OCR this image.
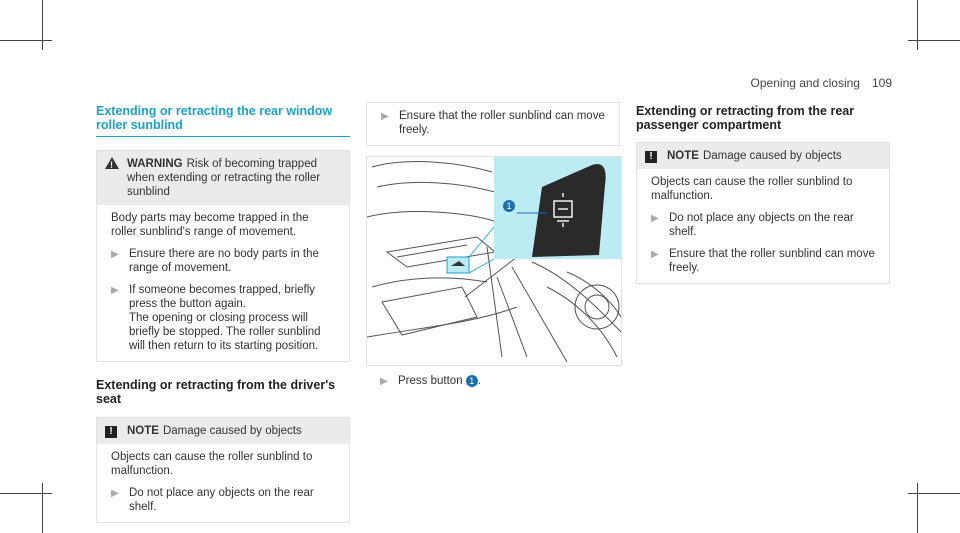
Opening and closing 109
Extending or retracting the rear window roller sunblind
! WARNING Risk of becoming trapped when extending or retracting the roller sunblind
Body parts may become trapped in the roller sunblind's range of movement.
▶ Ensure there are no body parts in the range of movement.
▶ If someone becomes trapped, briefly press the button again.
The opening or closing process will briefly be stopped. The roller sunblind will then return to its starting position.
Extending or retracting from the driver's seat
!	NOTE Damage caused by objects
Objects can cause the roller sunblind to malfunction.
▶ Do not place any objects on the rear shelf.
▶ Ensure that the roller sunblind can move freely.
1
▶ Press button 1 .
Extending or retracting from the rear passenger compartment
!	NOTE Damage caused by objects
Objects can cause the roller sunblind to malfunction.
▶ Do not place any objects on the rear shelf.
▶ Ensure that the roller sunblind can move freely.
